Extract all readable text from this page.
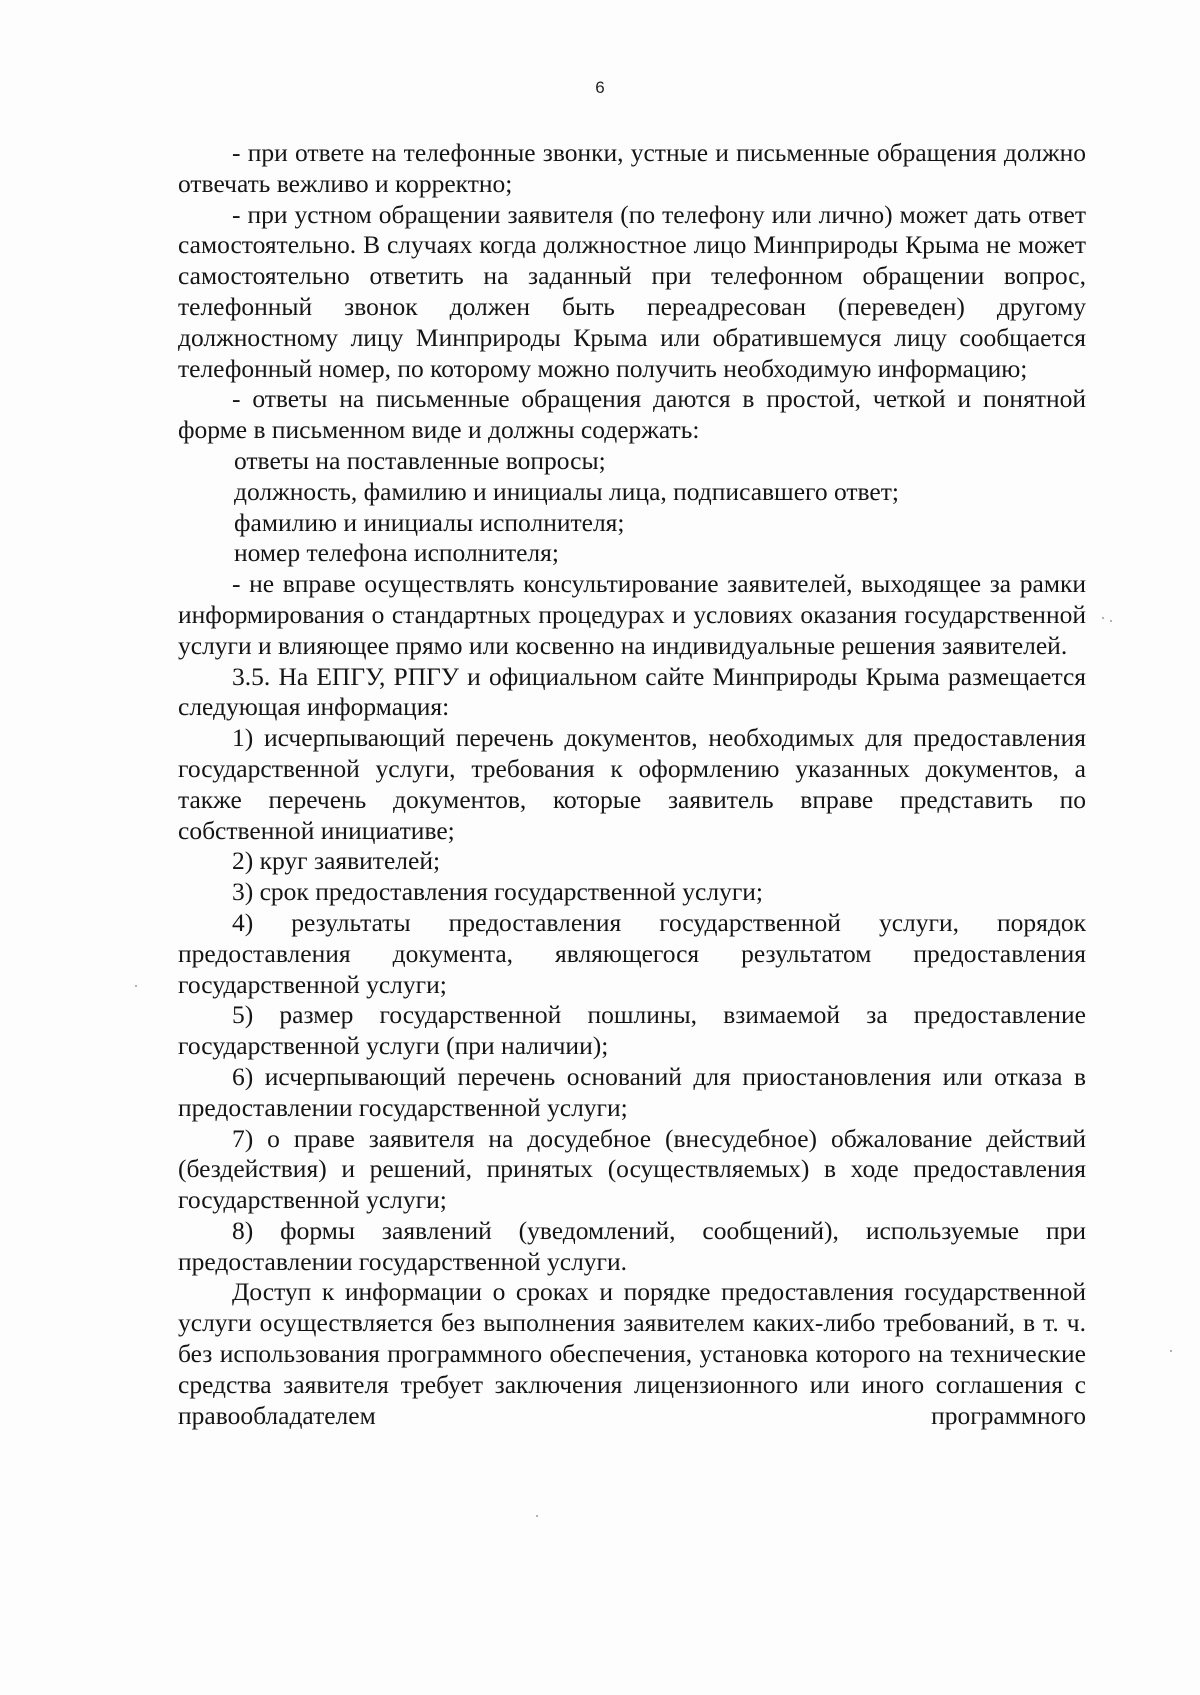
6

- при ответе на телефонные звонки, устные и письменные обращения должно отвечать вежливо и корректно;

- при устном обращении заявителя (по телефону или лично) может дать ответ самостоятельно. В случаях когда должностное лицо Минприроды Крыма не может самостоятельно ответить на заданный при телефонном обращении вопрос, телефонный звонок должен быть переадресован (переведен) другому должностному лицу Минприроды Крыма или обратившемуся лицу сообщается телефонный номер, по которому можно получить необходимую информацию;

- ответы на письменные обращения даются в простой, четкой и понятной форме в письменном виде и должны содержать:

ответы на поставленные вопросы;

должность, фамилию и инициалы лица, подписавшего ответ;

фамилию и инициалы исполнителя;

номер телефона исполнителя;

- не вправе осуществлять консультирование заявителей, выходящее за рамки информирования о стандартных процедурах и условиях оказания государственной услуги и влияющее прямо или косвенно на индивидуальные решения заявителей.

3.5. На ЕПГУ, РПГУ и официальном сайте Минприроды Крыма размещается следующая информация:

1) исчерпывающий перечень документов, необходимых для предоставления государственной услуги, требования к оформлению указанных документов, а также перечень документов, которые заявитель вправе представить по собственной инициативе;

2) круг заявителей;

3) срок предоставления государственной услуги;

4) результаты предоставления государственной услуги, порядок предоставления документа, являющегося результатом предоставления государственной услуги;

5) размер государственной пошлины, взимаемой за предоставление государственной услуги (при наличии);

6) исчерпывающий перечень оснований для приостановления или отказа в предоставлении государственной услуги;

7) о праве заявителя на досудебное (внесудебное) обжалование действий (бездействия) и решений, принятых (осуществляемых) в ходе предоставления государственной услуги;

8) формы заявлений (уведомлений, сообщений), используемые при предоставлении государственной услуги.

Доступ к информации о сроках и порядке предоставления государственной услуги осуществляется без выполнения заявителем каких-либо требований, в т. ч. без использования программного обеспечения, установка которого на технические средства заявителя требует заключения лицензионного или иного соглашения с правообладателем программного
